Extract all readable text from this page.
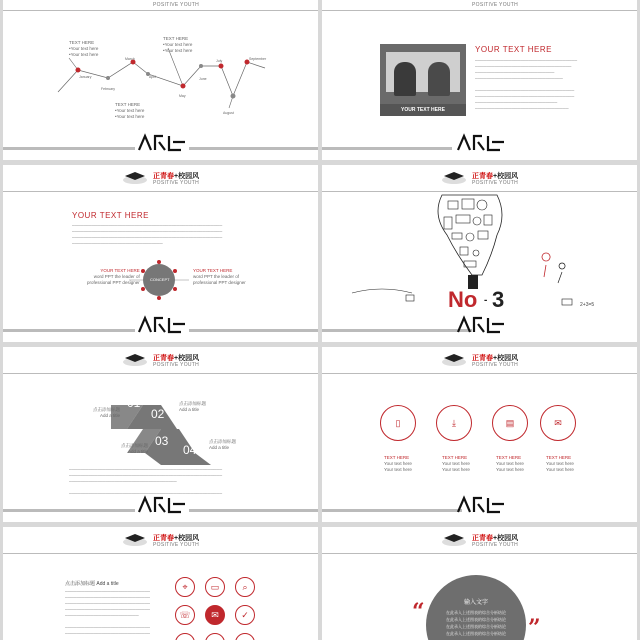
TEXT HERE
•Your text here
•Your text here
TEXT HERE
•Your text here
•Your text here
TEXT HERE
•Your text here
•Your text here
January
February
March
April
May
June
July
August
September
POSITIVE YOUTH	POSITIVE YOUTH
YOUR TEXT HERE
YOUR TEXT HERE
────────────────────────────────────
──────────────────────────────────
────────────────────────────
───────────────────────────────

───────────────────────────────────
───────────────────────────────────
─────────────────────────────
─────────────────────────────────
正青春+校园风
POSITIVE YOUTH
YOUR TEXT HERE
─────────────────────────────────────────────────────
─────────────────────────────────────────────────────
─────────────────────────────────────────────────────
────────────────────────────────
CONCEPT
YOUR TEXT HERE
word PPT the leader of
professional PPT designer
YOUR TEXT HERE
word PPT the leader of
professional PPT designer
正青春+校园风
POSITIVE YOUTH
No - 3	2+3=5
正青春+校园风
POSITIVE YOUTH
01
02
03
04
点击添加标题
Add a title
点击添加标题
Add a title
点击添加标题
Add a title
点击添加标题
Add a title
──────────────────────────────────────────────────────
──────────────────────────────────────────────────────
──────────────────────────────────────

──────────────────────────────────────────────────────
正青春+校园风
POSITIVE YOUTH
▯	⤓	▤	✉
TEXT HERE
Your text here
Your text here
TEXT HERE
Your text here
Your text here
TEXT HERE
Your text here
Your text here
TEXT HERE
Your text here
Your text here
正青春+校园风
POSITIVE YOUTH
点击添加标题 Add a title
──────────────────────────────
──────────────────────────────
──────────────────────────────
──────────────────────────────
──────────────────────────

──────────────────────────────
──────────────────────────────
⌖	▭	⌕
☏ ✉ ✓
正青春+校园风
POSITIVE YOUTH
输入文字
在此录入上述图表的综合分析结论
在此录入上述图表的综合分析结论
在此录入上述图表的综合分析结论
在此录入上述图表的综合分析结论
“
”
